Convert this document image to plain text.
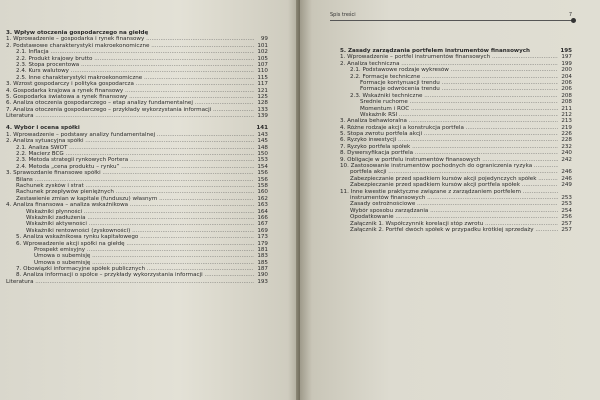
3. Wpływ otoczenia gospodarczego na giełdę
1. Wprowadzenie – gospodarka i rynek finansowy .....	99
2. Podstawowe charakterystyki makroekonomiczne .....	101
2.1. Inflacja .....	102
2.2. Produkt krajowy brutto .....	105
2.3. Stopa procentowa .....	107
2.4. Kurs walutowy .....	110
2.5. Inne charakterystyki makroekonomiczne .....	115
3. Wzrost gospodarczy i polityka gospodarcza .....	117
4. Gospodarka krajowa a rynek finansowy .....	121
5. Gospodarka światowa a rynek finansowy .....	125
6. Analiza otoczenia gospodarczego – etap analizy fundamentalnej .....	128
7. Analiza otoczenia gospodarczego – przykłady wykorzystania informacji .....	133
Literatura .....	139
4. Wybór i ocena spółki	141
1. Wprowadzenie – podstawy analizy fundamentalnej .....	143
2. Analiza sytuacyjna spółki .....	145
2.1. Analiza SWOT .....	148
2.2. Macierz BCG .....	150
2.3. Metoda strategii rynkowych Portera .....	153
2.4. Metoda „cena produktu – rynku” .....	154
3. Sprawozdanie finansowe spółki .....	156
Bilans .....	156
Rachunek zysków i strat .....	158
Rachunek przepływów pieniężnych .....	160
Zestawienie zmian w kapitale (funduszu) własnym .....	162
4. Analiza finansowa – analiza wskaźnikowa .....	163
Wskaźniki płynności .....	164
Wskaźniki zadłużenia .....	166
Wskaźniki aktywności .....	167
Wskaźniki rentowności (zyskowności) .....	169
5. Analiza wskaźnikowa rynku kapitałowego .....	173
6. Wprowadzenie akcji spółki na giełdę .....	179
Prospekt emisyjny .....	181
Umowa o subemisję .....	183
Umowa o subemisję .....	185
7. Obowiązki informacyjne spółek publicznych .....	187
8. Analiza informacji o spółce – przykłady wykorzystania informacji .....	190
Literatura .....	193
Spis treści	7
5. Zasady zarządzania portfelem instrumentów finansowych	195
1. Wprowadzenie – portfel instrumentów finansowych .....	197
2. Analiza techniczna .....	199
2.1. Podstawowe rodzaje wykresów .....	200
2.2. Formacje techniczne .....	204
Formacje kontynuacji trendu .....	206
Formacje odwrócenia trendu .....	206
2.3. Wskaźniki techniczne .....	208
Średnie ruchome .....	208
Momentum i ROC .....	211
Wskaźnik RSI .....	212
3. Analiza behawioralna .....	213
4. Różne rodzaje akcji a konstrukcja portfela .....	219
5. Stopa zwrotu portfela akcji .....	226
6. Ryzyko inwestycji .....	228
7. Ryzyko portfela spółek .....	232
8. Dywersyfikacja portfela .....	240
9. Obligacje w portfelu instrumentów finansowych .....	242
10. Zastosowanie instrumentów pochodnych do ograniczenia ryzyka .....
portfela akcji .....	246
Zabezpieczanie przed spadkiem kursów akcji pojedynczych spółek .....	246
Zabezpieczanie przed spadkiem kursów akcji portfela spółek .....	249
11. Inne kwestie praktyczne związane z zarządzaniem portfelem .....
instrumentów finansowych .....	253
Zasady ostrożnościowe .....	253
Wybór sposobu zarządzania .....	254
Opodatkowanie .....	256
Załącznik 1. Współczynnik korelacji stóp zwrotu .....	257
Załącznik 2. Portfel dwóch spółek w przypadku krótkiej sprzedaży .....	257
